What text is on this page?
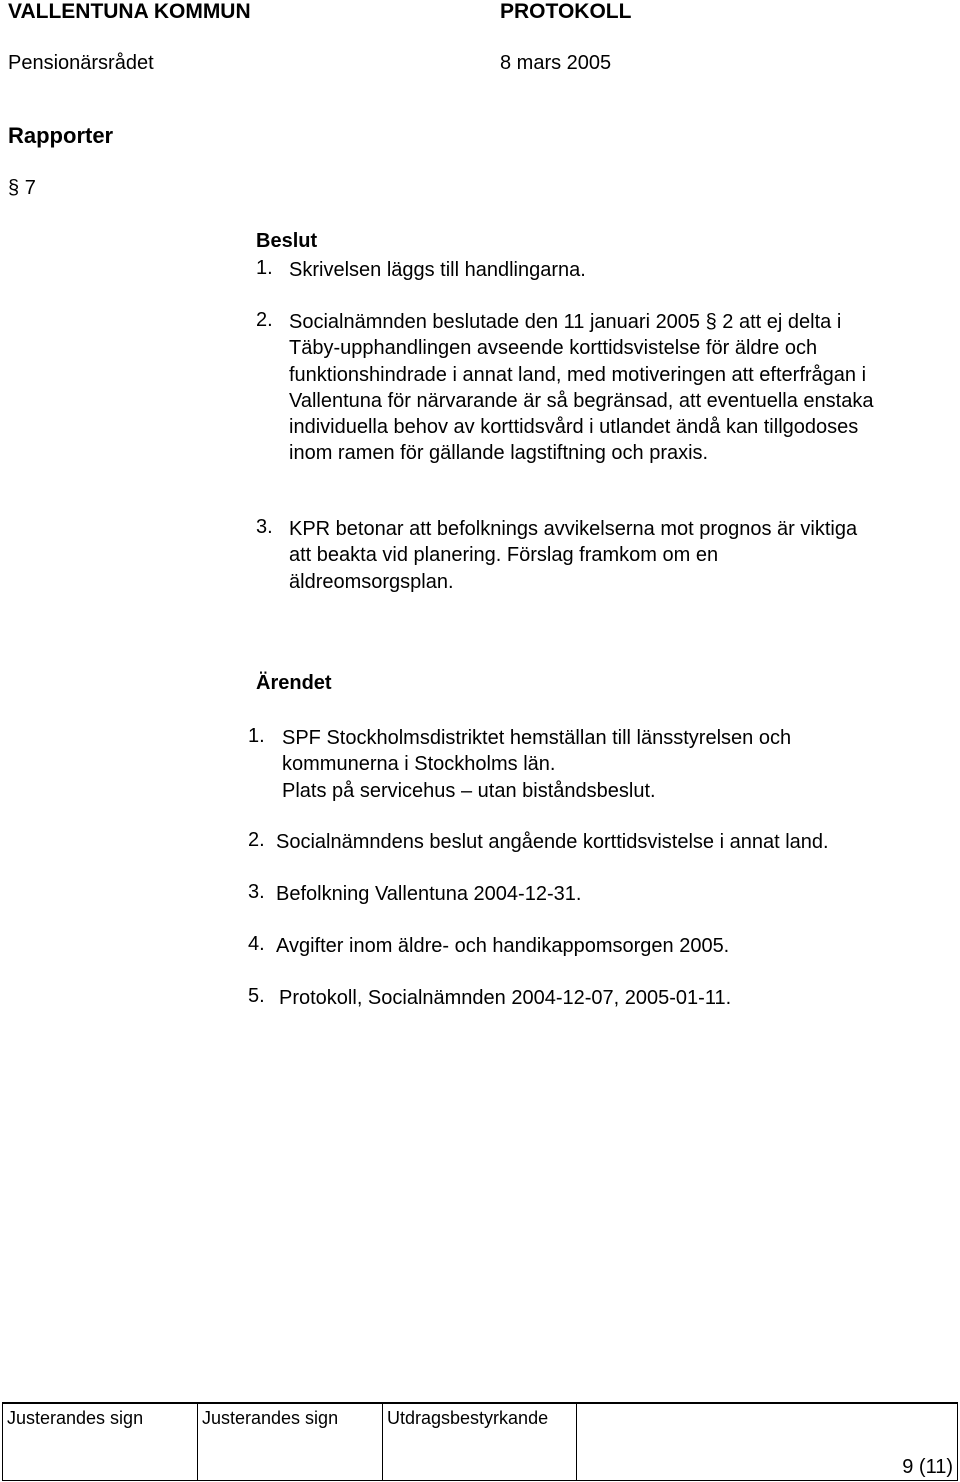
VALLENTUNA KOMMUN	PROTOKOLL
Pensionärsrådet	8 mars 2005
Rapporter
§ 7
Beslut
1. Skrivelsen läggs till handlingarna.
2. Socialnämnden beslutade den 11 januari 2005 § 2 att ej delta i
Täby-upphandlingen avseende korttidsvistelse för äldre och
funktionshindrade i annat land, med motiveringen att efterfrågan i
Vallentuna för närvarande är så begränsad, att eventuella enstaka
individuella behov av korttidsvård i utlandet ändå kan tillgodoses
inom ramen för gällande lagstiftning och praxis.
3. KPR betonar att befolknings avvikelserna mot prognos är viktiga
att beakta vid planering. Förslag framkom om en
äldreomsorgsplan.
Ärendet
1. SPF Stockholmsdistriktet hemställan till länsstyrelsen och
kommunerna i Stockholms län.
Plats på servicehus – utan biståndsbeslut.
2. Socialnämndens beslut angående korttidsvistelse i annat land.
3. Befolkning Vallentuna 2004-12-31.
4. Avgifter inom äldre- och handikappomsorgen 2005.
5. Protokoll, Socialnämnden 2004-12-07, 2005-01-11.
Justerandes sign	Justerandes sign	Utdragsbestyrkande
9 (11)
